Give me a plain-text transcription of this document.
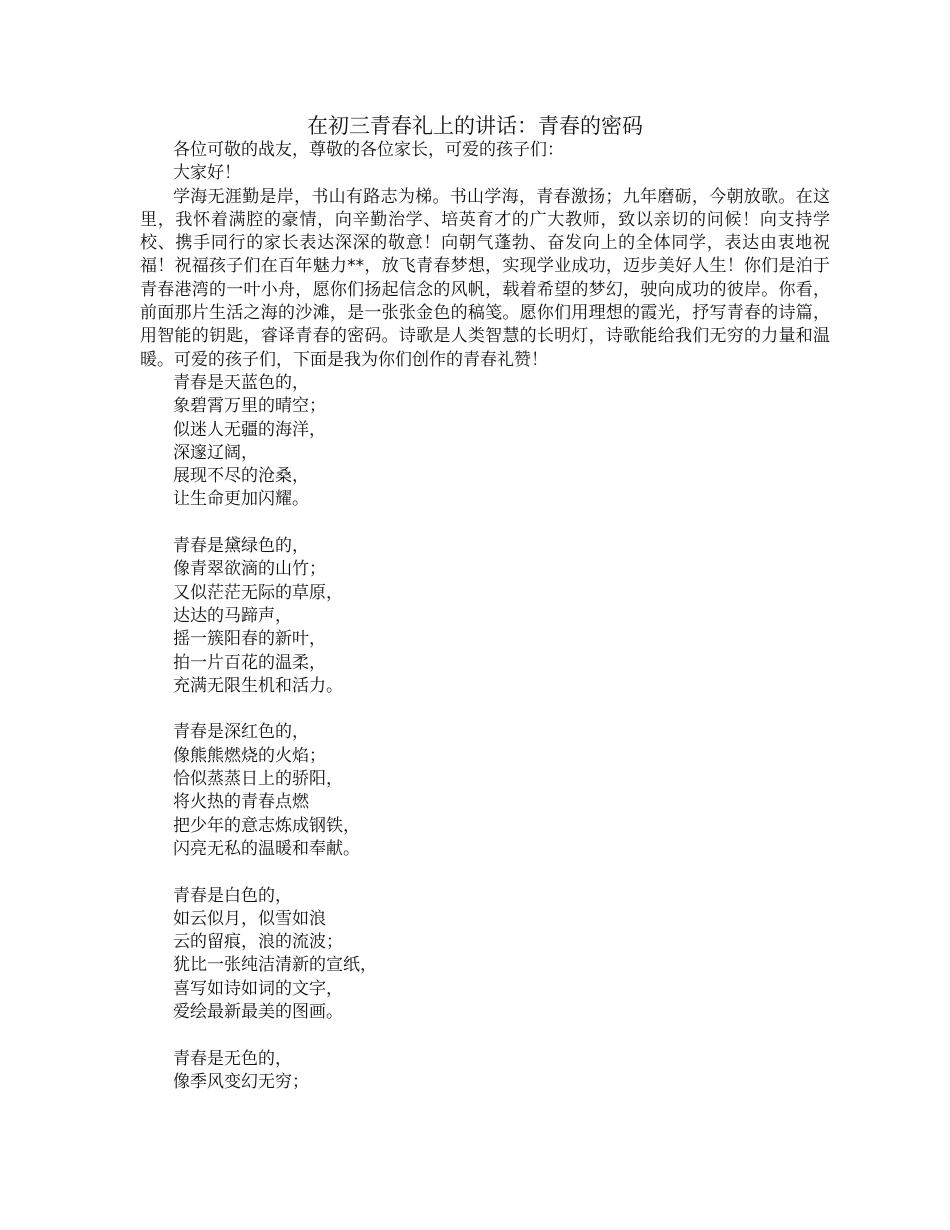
在初三青春礼上的讲话：青春的密码

各位可敬的战友，尊敬的各位家长，可爱的孩子们：

大家好！

学海无涯勤是岸，书山有路志为梯。书山学海，青春激扬；九年磨砺，今朝放歌。在这里，我怀着满腔的豪情，向辛勤治学、培英育才的广大教师，致以亲切的问候！向支持学校、携手同行的家长表达深深的敬意！向朝气蓬勃、奋发向上的全体同学，表达由衷地祝福！祝福孩子们在百年魅力**，放飞青春梦想，实现学业成功，迈步美好人生！你们是泊于青春港湾的一叶小舟，愿你们扬起信念的风帆，载着希望的梦幻，驶向成功的彼岸。你看，前面那片生活之海的沙滩，是一张张金色的稿笺。愿你们用理想的霞光，抒写青春的诗篇，用智能的钥匙，睿译青春的密码。诗歌是人类智慧的长明灯，诗歌能给我们无穷的力量和温暖。可爱的孩子们，下面是我为你们创作的青春礼赞！

青春是天蓝色的，

象碧霄万里的晴空；

似迷人无疆的海洋，

深邃辽阔，

展现不尽的沧桑，

让生命更加闪耀。

青春是黛绿色的，

像青翠欲滴的山竹；

又似茫茫无际的草原，

达达的马蹄声，

摇一簇阳春的新叶，

拍一片百花的温柔，

充满无限生机和活力。

青春是深红色的，

像熊熊燃烧的火焰；

恰似蒸蒸日上的骄阳，

将火热的青春点燃

把少年的意志炼成钢铁，

闪亮无私的温暖和奉献。

青春是白色的，

如云似月，似雪如浪

云的留痕，浪的流波；

犹比一张纯洁清新的宣纸，

喜写如诗如词的文字，

爱绘最新最美的图画。

青春是无色的，

像季风变幻无穷；
